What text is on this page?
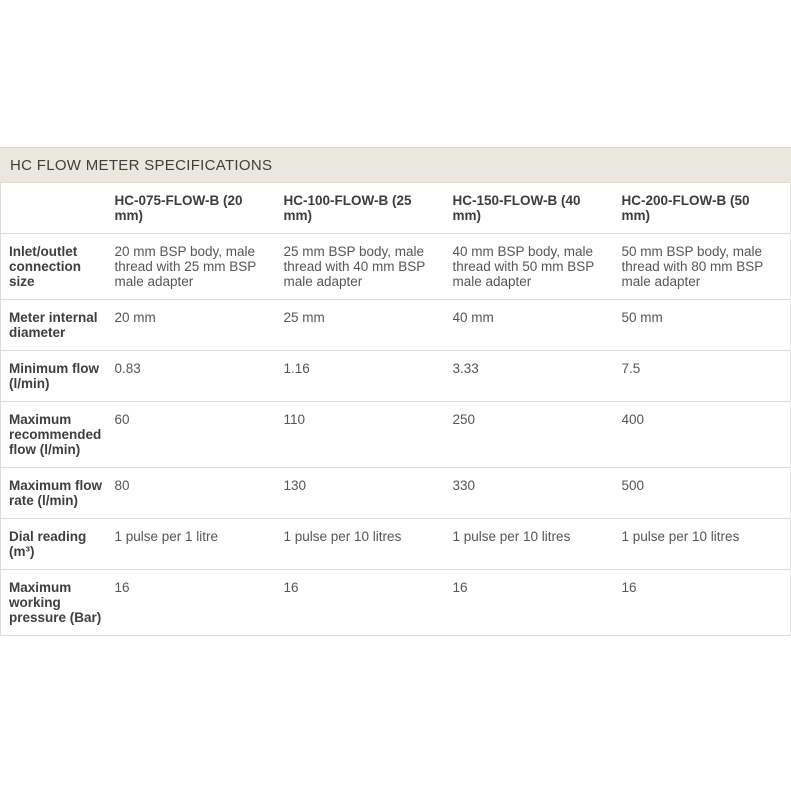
HC FLOW METER SPECIFICATIONS
	HC-075-FLOW-B (20 mm)	HC-100-FLOW-B (25 mm)	HC-150-FLOW-B (40 mm)	HC-200-FLOW-B (50 mm)
Inlet/outlet connection size	20 mm BSP body, male thread with 25 mm BSP male adapter	25 mm BSP body, male thread with 40 mm BSP male adapter	40 mm BSP body, male thread with 50 mm BSP male adapter	50 mm BSP body, male thread with 80 mm BSP male adapter
Meter internal diameter	20 mm	25 mm	40 mm	50 mm
Minimum flow (l/min)	0.83	1.16	3.33	7.5
Maximum recommended flow (l/min)	60	110	250	400
Maximum flow rate (l/min)	80	130	330	500
Dial reading (m³)	1 pulse per 1 litre	1 pulse per 10 litres	1 pulse per 10 litres	1 pulse per 10 litres
Maximum working pressure (Bar)	16	16	16	16
